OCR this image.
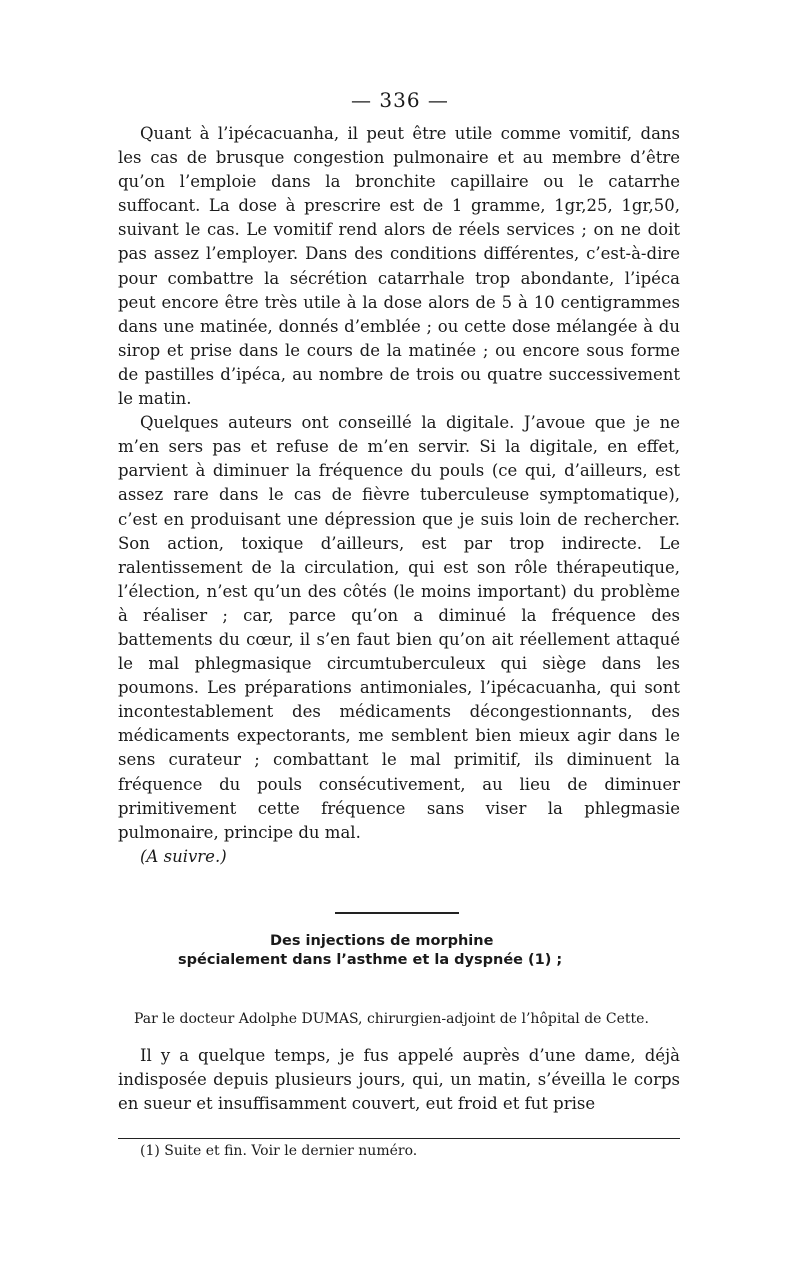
— 336 —

Quant à l’ipécacuanha, il peut être utile comme vomitif, dans les cas de brusque congestion pulmonaire et au membre d’être qu’on l’emploie dans la bronchite capillaire ou le catarrhe suffocant. La dose à prescrire est de 1 gramme, 1gr,25, 1gr,50, suivant le cas. Le vomitif rend alors de réels services ; on ne doit pas assez l’employer. Dans des conditions différentes, c’est-à-dire pour combattre la sécrétion catarrhale trop abondante, l’ipéca peut encore être très utile à la dose alors de 5 à 10 centigrammes dans une matinée, donnés d’emblée ; ou cette dose mélangée à du sirop et prise dans le cours de la matinée ; ou encore sous forme de pastilles d’ipéca, au nombre de trois ou quatre successivement le matin.

Quelques auteurs ont conseillé la digitale. J’avoue que je ne m’en sers pas et refuse de m’en servir. Si la digitale, en effet, parvient à diminuer la fréquence du pouls (ce qui, d’ailleurs, est assez rare dans le cas de fièvre tuberculeuse symptomatique), c’est en produisant une dépression que je suis loin de rechercher. Son action, toxique d’ailleurs, est par trop indirecte. Le ralentissement de la circulation, qui est son rôle thérapeutique, l’élection, n’est qu’un des côtés (le moins important) du problème à réaliser ; car, parce qu’on a diminué la fréquence des battements du cœur, il s’en faut bien qu’on ait réellement attaqué le mal phlegmasique circumtuberculeux qui siège dans les poumons. Les préparations antimoniales, l’ipécacuanha, qui sont incontestablement des médicaments décongestionnants, des médicaments expectorants, me semblent bien mieux agir dans le sens curateur ; combattant le mal primitif, ils diminuent la fréquence du pouls consécutivement, au lieu de diminuer primitivement cette fréquence sans viser la phlegmasie pulmonaire, principe du mal.

(A suivre.)

Des injections de morphine
spécialement dans l’asthme et la dyspnée (1) ;
Par le docteur Adolphe DUMAS, chirurgien-adjoint de l’hôpital de Cette.

Il y a quelque temps, je fus appelé auprès d’une dame, déjà indisposée depuis plusieurs jours, qui, un matin, s’éveilla le corps en sueur et insuffisamment couvert, eut froid et fut prise

(1) Suite et fin. Voir le dernier numéro.
